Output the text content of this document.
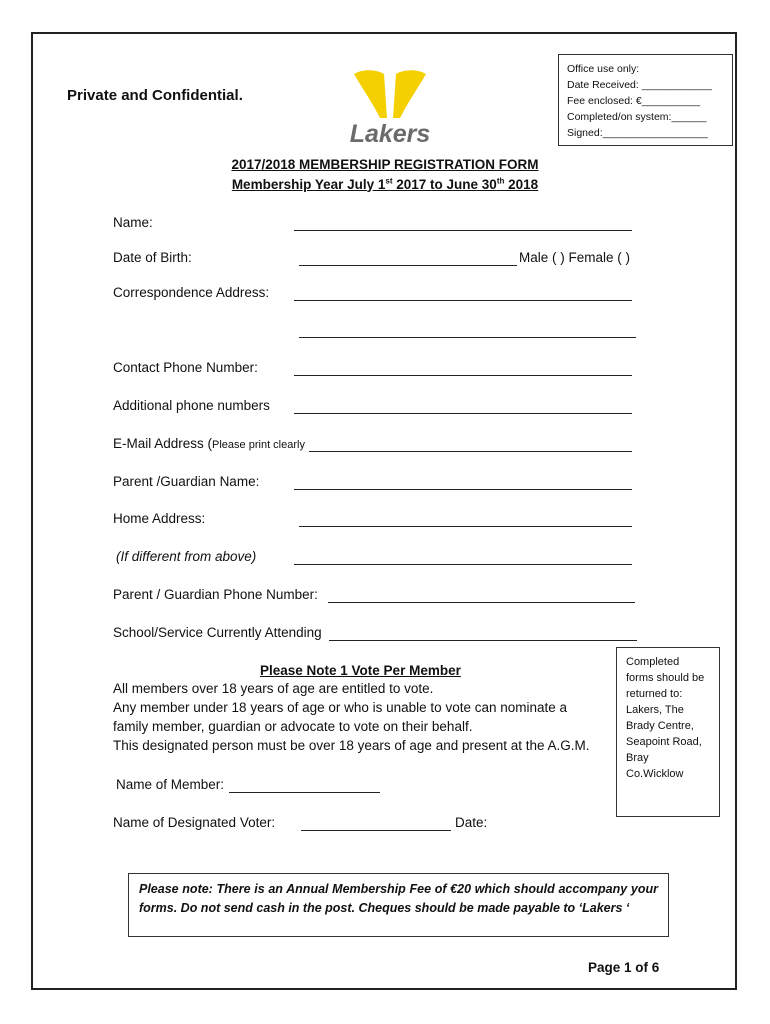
Private and Confidential.
Lakers
Office use only:
Date Received: ____________
Fee enclosed: €__________
Completed/on system:______
Signed:__________________
2017/2018 MEMBERSHIP REGISTRATION FORM
Membership Year July 1st 2017 to June 30th 2018
Name:
Date of Birth:	Male ( ) Female ( )
Correspondence Address:
Contact Phone Number:
Additional phone numbers
E-Mail Address (Please print clearly
Parent /Guardian Name:
Home Address:
(If different from above)
Parent / Guardian Phone Number:
School/Service Currently Attending
Completed
forms should be
returned to:
Lakers, The
Brady Centre,
Seapoint Road,
Bray
Co.Wicklow
Please Note 1 Vote Per Member
All members over 18 years of age are entitled to vote.
Any member under 18 years of age or who is unable to vote can nominate a
family member, guardian or advocate to vote on their behalf.
This designated person must be over 18 years of age and present at the A.G.M.
Name of Member:
Name of Designated Voter:	Date:
Please note: There is an Annual Membership Fee of €20 which should accompany your forms. Do not send cash in the post. Cheques should be made payable to ‘Lakers ‘
Page 1 of 6
